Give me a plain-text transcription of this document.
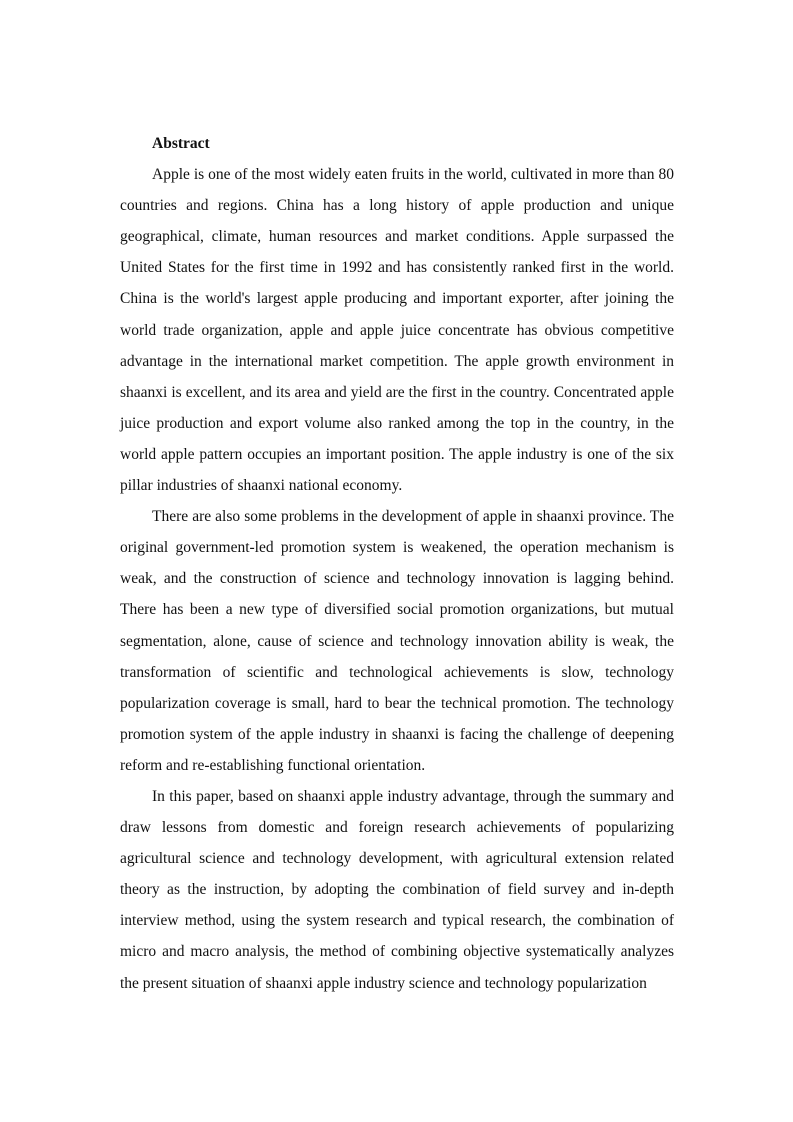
Abstract

Apple is one of the most widely eaten fruits in the world, cultivated in more than 80 countries and regions. China has a long history of apple production and unique geographical, climate, human resources and market conditions. Apple surpassed the United States for the first time in 1992 and has consistently ranked first in the world. China is the world's largest apple producing and important exporter, after joining the world trade organization, apple and apple juice concentrate has obvious competitive advantage in the international market competition. The apple growth environment in shaanxi is excellent, and its area and yield are the first in the country. Concentrated apple juice production and export volume also ranked among the top in the country, in the world apple pattern occupies an important position. The apple industry is one of the six pillar industries of shaanxi national economy.

There are also some problems in the development of apple in shaanxi province. The original government-led promotion system is weakened, the operation mechanism is weak, and the construction of science and technology innovation is lagging behind. There has been a new type of diversified social promotion organizations, but mutual segmentation, alone, cause of science and technology innovation ability is weak, the transformation of scientific and technological achievements is slow, technology popularization coverage is small, hard to bear the technical promotion. The technology promotion system of the apple industry in shaanxi is facing the challenge of deepening reform and re-establishing functional orientation.

In this paper, based on shaanxi apple industry advantage, through the summary and draw lessons from domestic and foreign research achievements of popularizing agricultural science and technology development, with agricultural extension related theory as the instruction, by adopting the combination of field survey and in-depth interview method, using the system research and typical research, the combination of micro and macro analysis, the method of combining objective systematically analyzes the present situation of shaanxi apple industry science and technology popularization
